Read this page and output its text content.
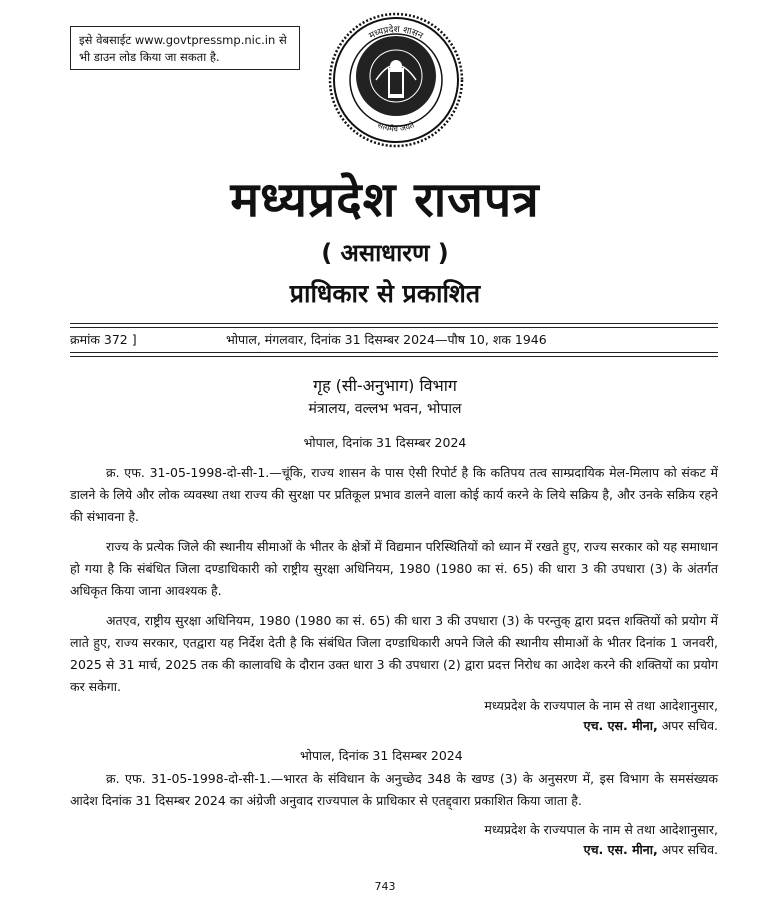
इसे वेबसाईट www.govtpressmp.nic.in से भी डाउन लोड किया जा सकता है.
मध्यप्रदेश शासन
सत्यमेव जयते
मध्यप्रदेश राजपत्र
( असाधारण )
प्राधिकार से प्रकाशित
क्रमांक 372 ]	भोपाल, मंगलवार, दिनांक 31 दिसम्बर 2024—पौष 10, शक 1946
गृह (सी-अनुभाग) विभाग
मंत्रालय, वल्लभ भवन, भोपाल
भोपाल, दिनांक 31 दिसम्बर 2024
क्र. एफ. 31-05-1998-दो-सी-1.—चूंकि, राज्य शासन के पास ऐसी रिपोर्ट है कि कतिपय तत्व साम्प्रदायिक मेल-मिलाप को संकट में डालने के लिये और लोक व्यवस्था तथा राज्य की सुरक्षा पर प्रतिकूल प्रभाव डालने वाला कोई कार्य करने के लिये सक्रिय है, और उनके सक्रिय रहने की संभावना है.
राज्य के प्रत्येक जिले की स्थानीय सीमाओं के भीतर के क्षेत्रों में विद्यमान परिस्थितियों को ध्यान में रखते हुए, राज्य सरकार को यह समाधान हो गया है कि संबंधित जिला दण्डाधिकारी को राष्ट्रीय सुरक्षा अधिनियम, 1980 (1980 का सं. 65) की धारा 3 की उपधारा (3) के अंतर्गत अधिकृत किया जाना आवश्यक है.
अतएव, राष्ट्रीय सुरक्षा अधिनियम, 1980 (1980 का सं. 65) की धारा 3 की उपधारा (3) के परन्तुक् द्वारा प्रदत्त शक्तियों को प्रयोग में लाते हुए, राज्य सरकार, एतद्वारा यह निर्देश देती है कि संबंधित जिला दण्डाधिकारी अपने जिले की स्थानीय सीमाओं के भीतर दिनांक 1 जनवरी, 2025 से 31 मार्च, 2025 तक की कालावधि के दौरान उक्त धारा 3 की उपधारा (2) द्वारा प्रदत्त निरोध का आदेश करने की शक्तियों का प्रयोग कर सकेगा.
मध्यप्रदेश के राज्यपाल के नाम से तथा आदेशानुसार,
एच. एस. मीना, अपर सचिव.
भोपाल, दिनांक 31 दिसम्बर 2024
क्र. एफ. 31-05-1998-दो-सी-1.—भारत के संविधान के अनुच्छेद 348 के खण्ड (3) के अनुसरण में, इस विभाग के समसंख्यक आदेश दिनांक 31 दिसम्बर 2024 का अंग्रेजी अनुवाद राज्यपाल के प्राधिकार से एतद्द्वारा प्रकाशित किया जाता है.
मध्यप्रदेश के राज्यपाल के नाम से तथा आदेशानुसार,
एच. एस. मीना, अपर सचिव.
743
